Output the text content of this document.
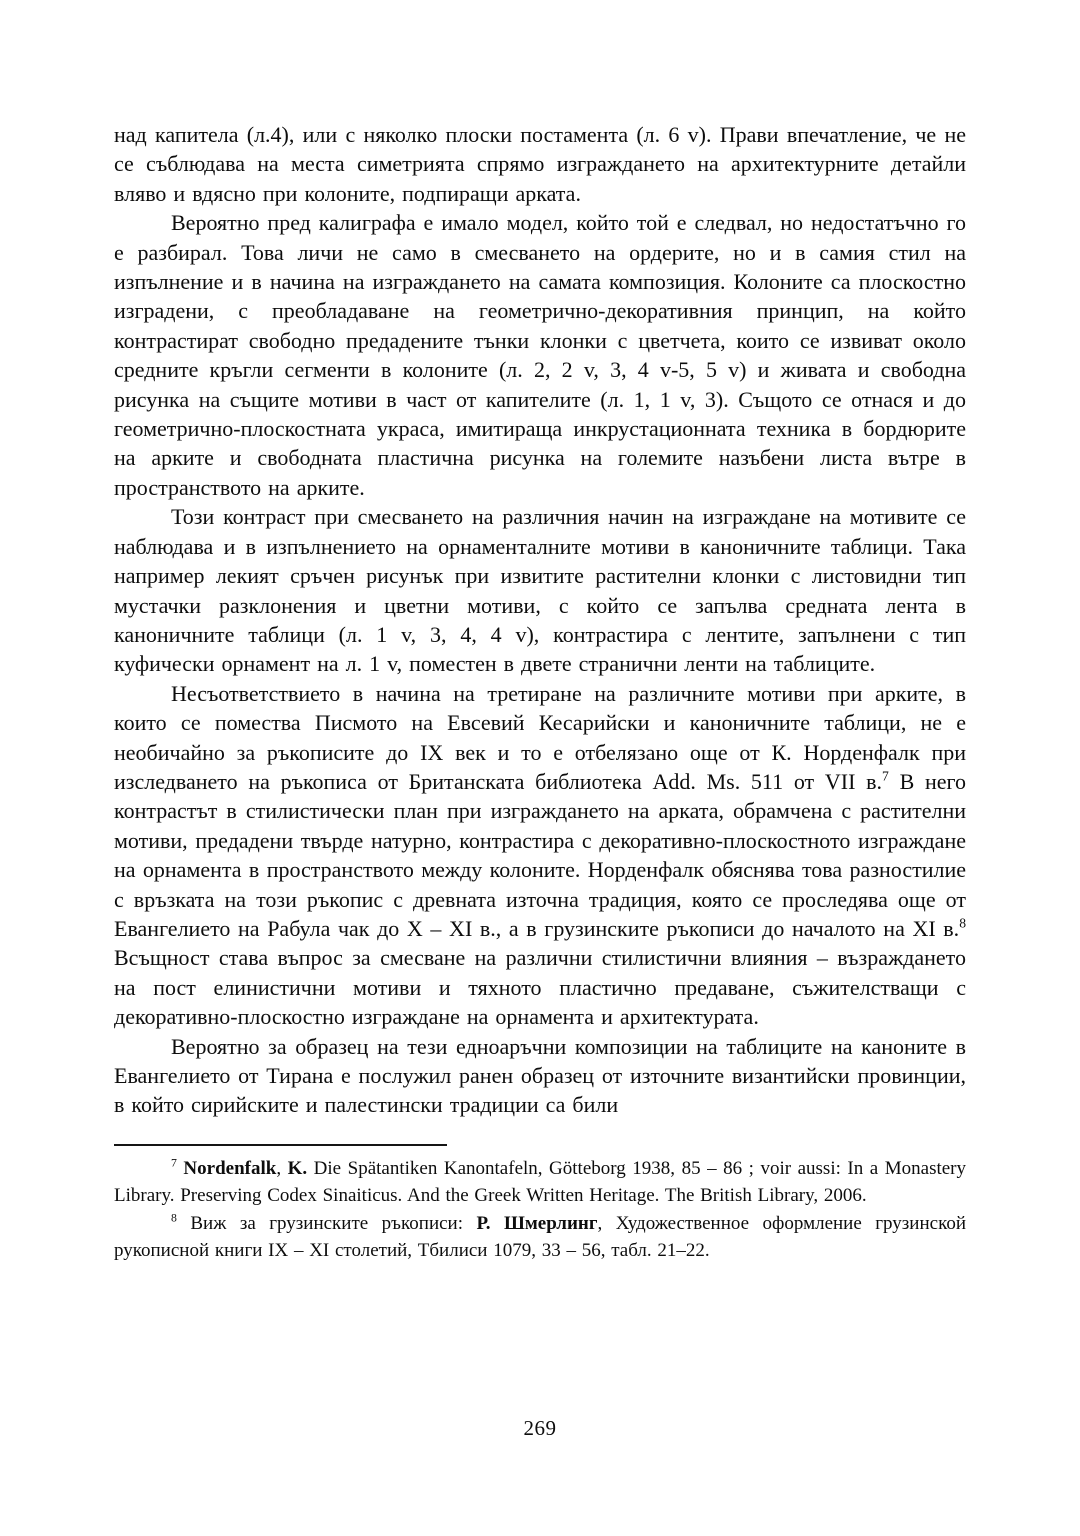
над капитела (л.4), или с няколко плоски постамента (л. 6 v). Прави впечатление, че не се съблюдава на места симетрията спрямо изграждането на архитектурните детайли вляво и вдясно при колоните, подпиращи арката.

Вероятно пред калиграфа е имало модел, който той е следвал, но недостатъчно го е разбирал. Това личи не само в смесването на ордерите, но и в самия стил на изпълнение и в начина на изграждането на самата композиция. Колоните са плоскостно изградени, с преобладаване на геометрично-декоративния принцип, на който контрастират свободно предадените тънки клонки с цветчета, които се извиват около средните кръгли сегменти в колоните (л. 2, 2 v, 3, 4 v-5, 5 v) и живата и свободна рисунка на същите мотиви в част от капителите (л. 1, 1 v, 3). Същото се отнася и до геометрично-плоскостната украса, имитираща инкрустационната техника в бордюрите на арките и свободната пластична рисунка на големите назъбени листа вътре в пространството на арките.

Този контраст при смесването на различния начин на изграждане на мотивите се наблюдава и в изпълнението на орнаменталните мотиви в каноничните таблици. Така например лекият сръчен рисунък при извитите растителни клонки с листовидни тип мустачки разклонения и цветни мотиви, с който се запълва средната лента в каноничните таблици (л. 1 v, 3, 4, 4 v), контрастира с лентите, запълнени с тип куфически орнамент на л. 1 v, поместен в двете странични ленти на таблиците.

Несъответствието в начина на третиране на различните мотиви при арките, в които се помества Писмото на Евсевий Кесарийски и каноничните таблици, не е необичайно за ръкописите до IX век и то е отбелязано още от К. Норденфалк при изследването на ръкописа от Британската библиотека Add. Ms. 511 от VII в.$^7$ В него контрастът в стилистически план при изграждането на арката, обрамчена с растителни мотиви, предадени твърде натурно, контрастира с декоративно-плоскостното изграждане на орнамента в пространството между колоните. Норденфалк обяснява това разностилие с връзката на този ръкопис с древната източна традиция, която се проследява още от Евангелието на Рабула чак до X – XI в., а в грузинските ръкописи до началото на XI в.$^8$ Всъщност става въпрос за смесване на различни стилистични влияния – възраждането на пост елинистични мотиви и тяхното пластично предаване, съжителстващи с декоративно-плоскостно изграждане на орнамента и архитектурата.

Вероятно за образец на тези едноаръчни композиции на таблиците на каноните в Евангелието от Тирана е послужил ранен образец от източните византийски провинции, в който сирийските и палестински традиции са били

$^7$ Nordenfalk, K. Die Spätantiken Kanontafeln, Götteborg 1938, 85 – 86 ; voir aussi: In a Monastery Library. Preserving Codex Sinaiticus. And the Greek Written Heritage. The British Library, 2006.

$^8$ Виж за грузинските ръкописи: Р. Шмерлинг, Художественное оформление грузинской рукописной книги IX – XI столетий, Тбилиси 1079, 33 – 56, табл. 21–22.

269
